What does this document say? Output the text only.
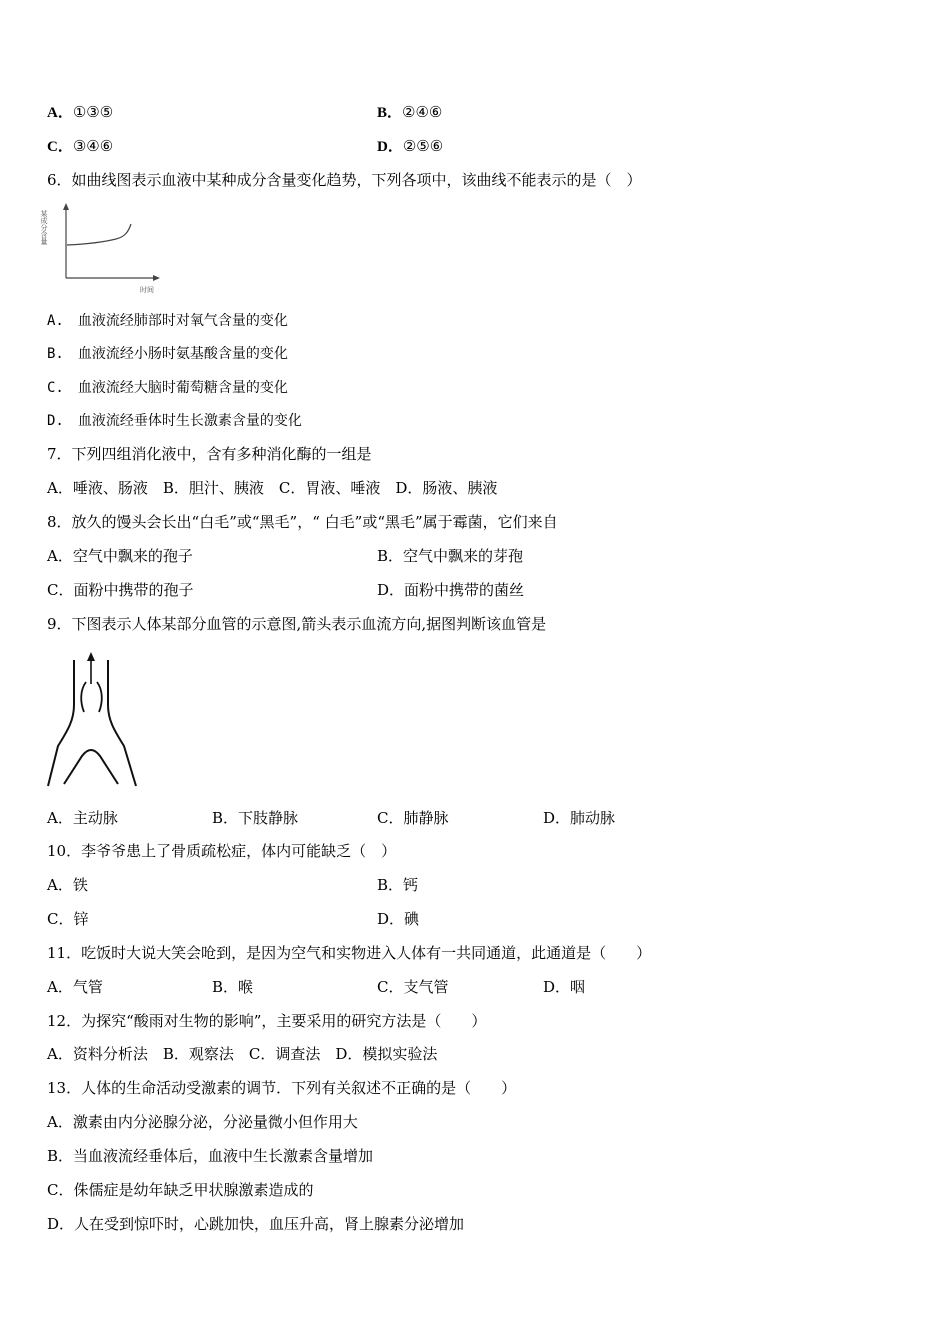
A．①③⑤	B．②④⑥
C．③④⑥	D．②⑤⑥
6．如曲线图表示血液中某种成分含量变化趋势，下列各项中，该曲线不能表示的是（　）
某成分含量
时间
A.　血液流经肺部时对氧气含量的变化
B.　血液流经小肠时氨基酸含量的变化
C.　血液流经大脑时葡萄糖含量的变化
D.　血液流经垂体时生长激素含量的变化
7．下列四组消化液中，含有多种消化酶的一组是
A．唾液、肠液　B．胆汁、胰液　C．胃液、唾液　D．肠液、胰液
8．放久的馒头会长出“白毛”或“黑毛”，“ 白毛”或“黑毛”属于霉菌，它们来自
A．空气中飘来的孢子	B．空气中飘来的芽孢
C．面粉中携带的孢子	D．面粉中携带的菌丝
9．下图表示人体某部分血管的示意图,箭头表示血流方向,据图判断该血管是
A．主动脉	B．下肢静脉	C．肺静脉	D．肺动脉
10．李爷爷患上了骨质疏松症，体内可能缺乏（　）
A．铁	B．钙
C．锌	D．碘
11．吃饭时大说大笑会呛到，是因为空气和实物进入人体有一共同通道，此通道是（　　）
A．气管	B．喉	C．支气管	D．咽
12．为探究“酸雨对生物的影响”，主要采用的研究方法是（　　）
A．资料分析法　B．观察法　C．调查法　D．模拟实验法
13．人体的生命活动受激素的调节．下列有关叙述不正确的是（　　）
A．激素由内分泌腺分泌，分泌量微小但作用大
B．当血液流经垂体后，血液中生长激素含量增加
C．侏儒症是幼年缺乏甲状腺激素造成的
D．人在受到惊吓时，心跳加快，血压升高，肾上腺素分泌增加
